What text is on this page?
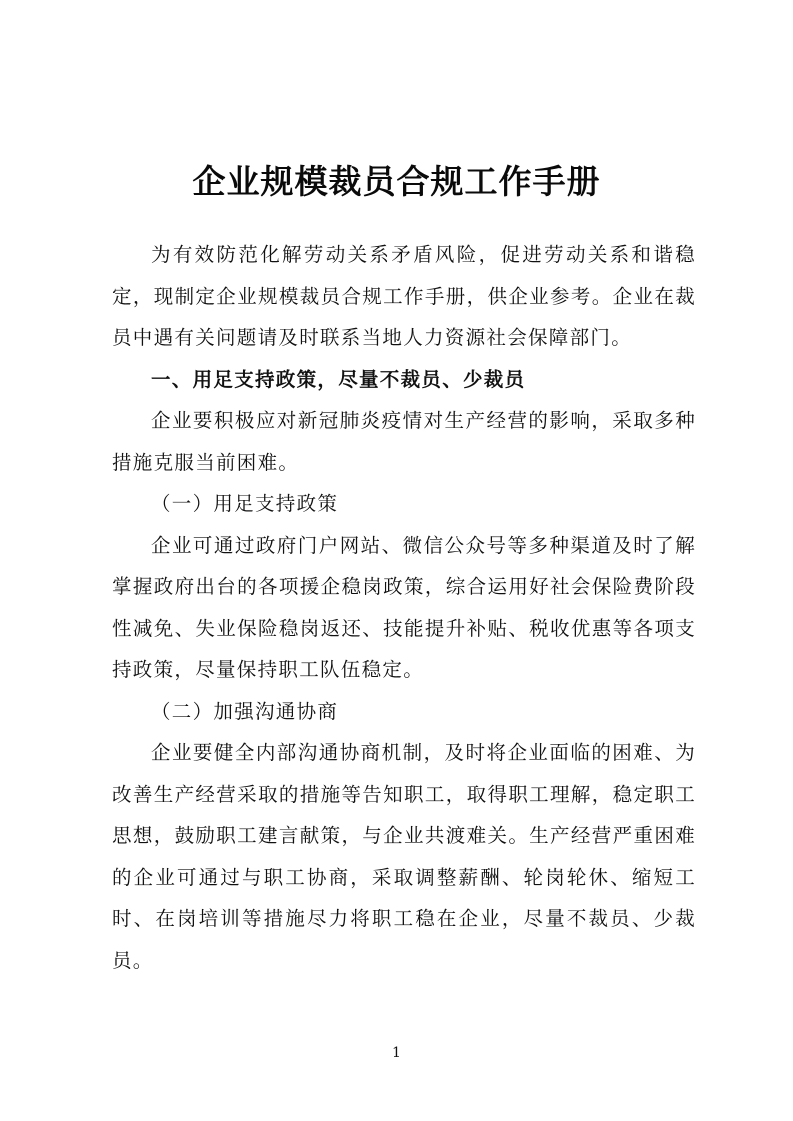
企业规模裁员合规工作手册

为有效防范化解劳动关系矛盾风险，促进劳动关系和谐稳定，现制定企业规模裁员合规工作手册，供企业参考。企业在裁员中遇有关问题请及时联系当地人力资源社会保障部门。

一、用足支持政策，尽量不裁员、少裁员

企业要积极应对新冠肺炎疫情对生产经营的影响，采取多种措施克服当前困难。

（一）用足支持政策

企业可通过政府门户网站、微信公众号等多种渠道及时了解掌握政府出台的各项援企稳岗政策，综合运用好社会保险费阶段性减免、失业保险稳岗返还、技能提升补贴、税收优惠等各项支持政策，尽量保持职工队伍稳定。

（二）加强沟通协商

企业要健全内部沟通协商机制，及时将企业面临的困难、为改善生产经营采取的措施等告知职工，取得职工理解，稳定职工思想，鼓励职工建言献策，与企业共渡难关。生产经营严重困难的企业可通过与职工协商，采取调整薪酬、轮岗轮休、缩短工时、在岗培训等措施尽力将职工稳在企业，尽量不裁员、少裁员。

1
